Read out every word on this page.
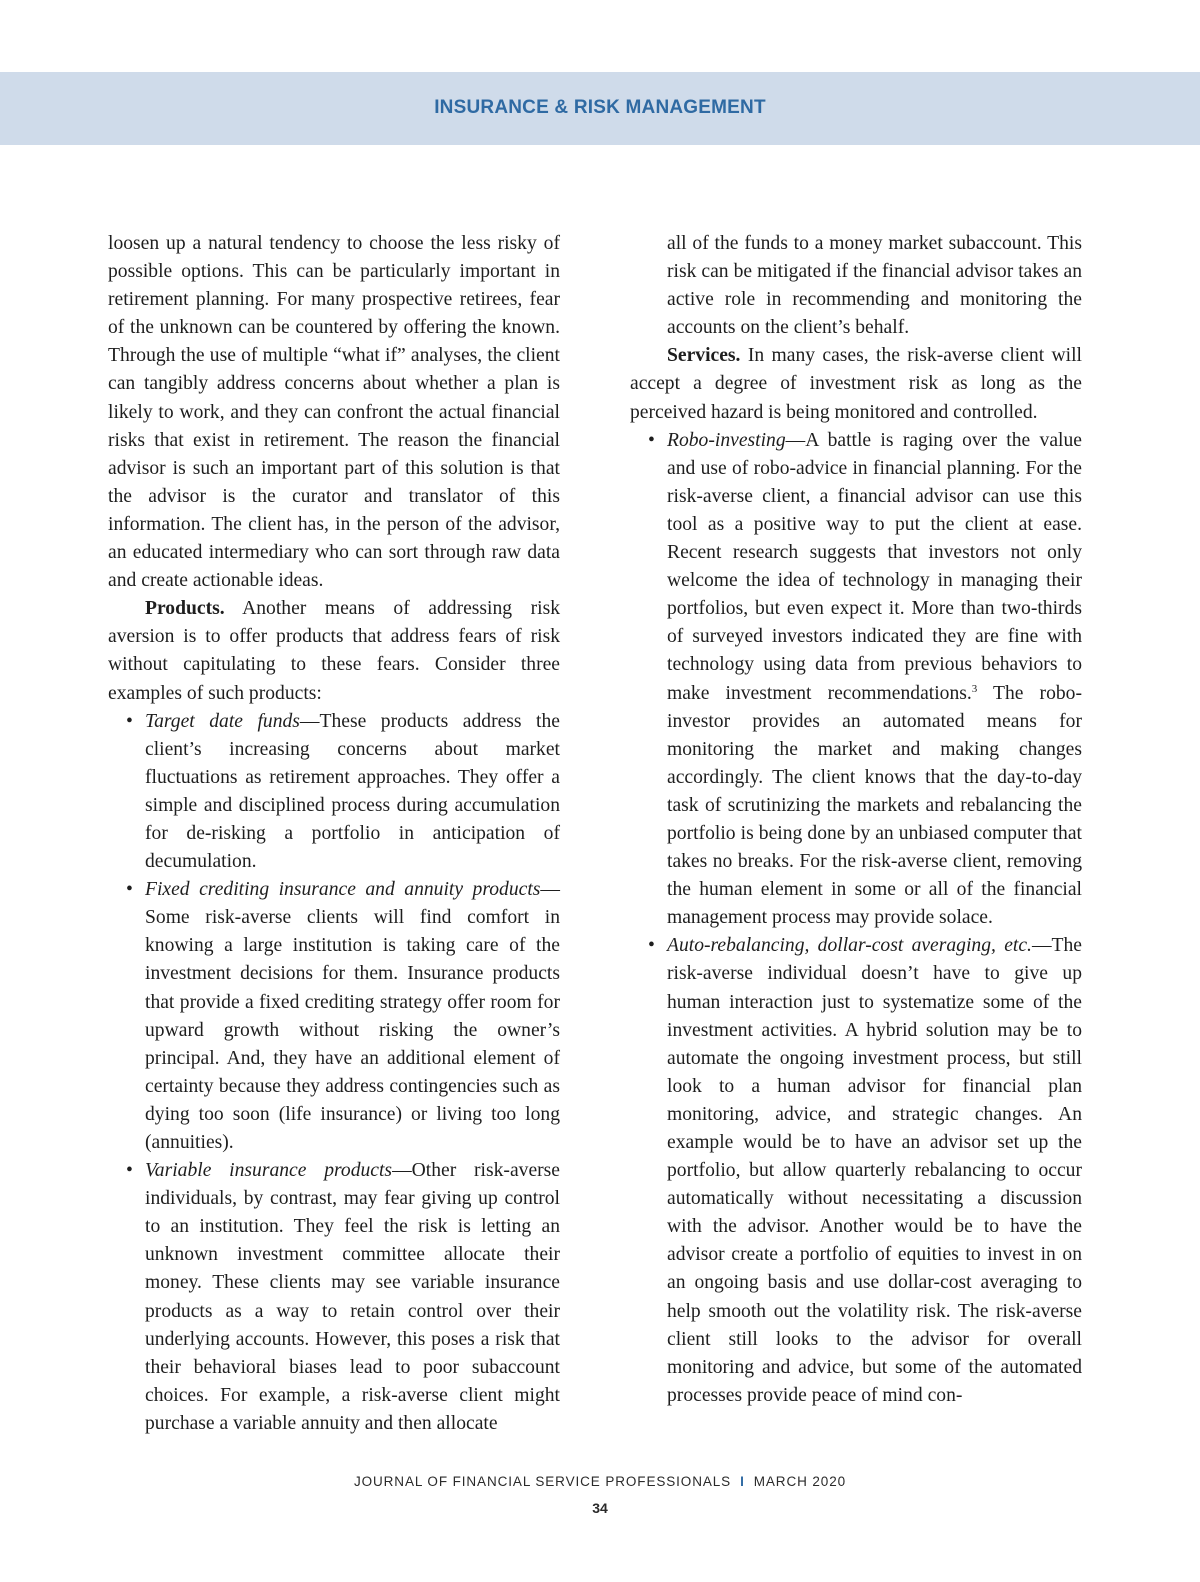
INSURANCE & RISK MANAGEMENT

loosen up a natural tendency to choose the less risky of possible options. This can be particularly important in retirement planning. For many prospective retirees, fear of the unknown can be countered by offering the known. Through the use of multiple “what if” analyses, the client can tangibly address concerns about whether a plan is likely to work, and they can confront the actual financial risks that exist in retirement. The reason the financial advisor is such an important part of this solution is that the advisor is the curator and translator of this information. The client has, in the person of the advisor, an educated intermediary who can sort through raw data and create actionable ideas.

Products. Another means of addressing risk aversion is to offer products that address fears of risk without capitulating to these fears. Consider three examples of such products:

• Target date funds—These products address the client’s increasing concerns about market fluctuations as retirement approaches. They offer a simple and disciplined process during accumulation for de-risking a portfolio in anticipation of decumulation.
• Fixed crediting insurance and annuity products— Some risk-averse clients will find comfort in knowing a large institution is taking care of the investment decisions for them. Insurance products that provide a fixed crediting strategy offer room for upward growth without risking the owner’s principal. And, they have an additional element of certainty because they address contingencies such as dying too soon (life insurance) or living too long (annuities).
• Variable insurance products—Other risk-averse individuals, by contrast, may fear giving up control to an institution. They feel the risk is letting an unknown investment committee allocate their money. These clients may see variable insurance products as a way to retain control over their underlying accounts. However, this poses a risk that their behavioral biases lead to poor subaccount choices. For example, a risk-averse client might purchase a variable annuity and then allocate

all of the funds to a money market subaccount. This risk can be mitigated if the financial advisor takes an active role in recommending and monitoring the accounts on the client’s behalf.

Services. In many cases, the risk-averse client will accept a degree of investment risk as long as the perceived hazard is being monitored and controlled.

• Robo-investing—A battle is raging over the value and use of robo-advice in financial planning. For the risk-averse client, a financial advisor can use this tool as a positive way to put the client at ease. Recent research suggests that investors not only welcome the idea of technology in managing their portfolios, but even expect it. More than two-thirds of surveyed investors indicated they are fine with technology using data from previous behaviors to make investment recommendations.$^3$ The robo-investor provides an automated means for monitoring the market and making changes accordingly. The client knows that the day-to-day task of scrutinizing the markets and rebalancing the portfolio is being done by an unbiased computer that takes no breaks. For the risk-averse client, removing the human element in some or all of the financial management process may provide solace.
• Auto-rebalancing, dollar-cost averaging, etc.—The risk-averse individual doesn’t have to give up human interaction just to systematize some of the investment activities. A hybrid solution may be to automate the ongoing investment process, but still look to a human advisor for financial plan monitoring, advice, and strategic changes. An example would be to have an advisor set up the portfolio, but allow quarterly rebalancing to occur automatically without necessitating a discussion with the advisor. Another would be to have the advisor create a portfolio of equities to invest in on an ongoing basis and use dollar-cost averaging to help smooth out the volatility risk. The risk-averse client still looks to the advisor for overall monitoring and advice, but some of the automated processes provide peace of mind con-
JOURNAL OF FINANCIAL SERVICE PROFESSIONALS I MARCH 2020
34
